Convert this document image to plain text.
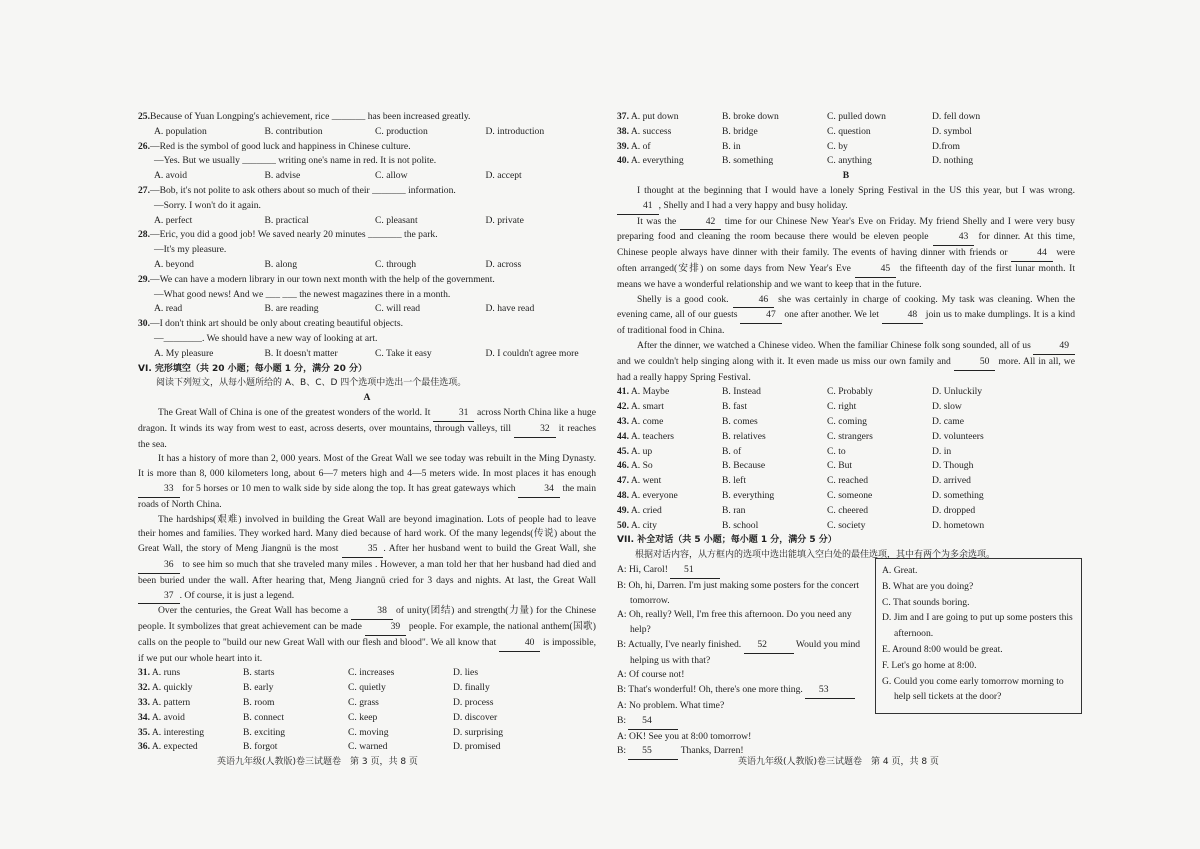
25.Because of Yuan Longping's achievement, rice _______ has been increased greatly.
A. population	B. contribution	C. production	D. introduction
26.—Red is the symbol of good luck and happiness in Chinese culture.
—Yes. But we usually _______ writing one's name in red. It is not polite.
A. avoid	B. advise	C. allow	D. accept
27.—Bob, it's not polite to ask others about so much of their _______ information.
—Sorry. I won't do it again.
A. perfect	B. practical	C. pleasant	D. private
28.—Eric, you did a good job! We saved nearly 20 minutes _______ the park.
—It's my pleasure.
A. beyond	B. along	C. through	D. across
29.—We can have a modern library in our town next month with the help of the government.
—What good news! And we ___ ___ the newest magazines there in a month.
A. read	B. are reading	C. will read	D. have read
30.—I don't think art should be only about creating beautiful objects.
—________. We should have a new way of looking at art.
A. My pleasure	B. It doesn't matter	C. Take it easy	D. I couldn't agree more
VI. 完形填空（共 20 小题；每小题 1 分，满分 20 分）
阅读下列短文，从每小题所给的 A、B、C、D 四个选项中选出一个最佳选项。
A
The Great Wall of China is one of the greatest wonders of the world. It	31 across North China like a huge dragon. It winds its way from west to east, across deserts, over mountains, through valleys, till	32 it reaches the sea.
It has a history of more than 2, 000 years. Most of the Great Wall we see today was rebuilt in the Ming Dynasty. It is more than 8, 000 kilometers long, about 6—7 meters high and 4—5 meters wide. In most places it has enough 33 for 5 horses or 10 men to walk side by side along the top. It has great gateways which	34 the main roads of North China.
The hardships(艰难) involved in building the Great Wall are beyond imagination. Lots of people had to leave their homes and families. They worked hard. Many died because of hard work. Of the many legends(传说) about the Great Wall, the story of Meng Jiangnü is the most	35 . After her husband went to build the Great Wall, she 36 to see him so much that she traveled many miles . However, a man told her that her husband had died and been buried under the wall. After hearing that, Meng Jiangnü cried for 3 days and nights. At last, the Great Wall 37 . Of course, it is just a legend.
Over the centuries, the Great Wall has become a	38 of unity(团结) and strength(力量) for the Chinese people. It symbolizes that great achievement can be made	39 people. For example, the national anthem(国歌) calls on the people to "build our new Great Wall with our flesh and blood". We all know that	40 is impossible, if we put our whole heart into it.
31. A. runs	B. starts	C. increases	D. lies
32. A. quickly	B. early	C. quietly	D. finally
33. A. pattern	B. room	C. grass	D. process
34. A. avoid	B. connect	C. keep	D. discover
35. A. interesting	B. exciting	C. moving	D. surprising
36. A. expected	B. forgot	C. warned	D. promised
英语九年级(人教版)卷三试题卷　第 3 页，共 8 页
37. A. put down	B. broke down	C. pulled down	D. fell down
38. A. success	B. bridge	C. question	D. symbol
39. A. of	B. in	C. by	D.from
40. A. everything	B. something	C. anything	D. nothing
B
I thought at the beginning that I would have a lonely Spring Festival in the US this year, but I was wrong. 41 , Shelly and I had a very happy and busy holiday.
It was the	42 time for our Chinese New Year's Eve on Friday. My friend Shelly and I were very busy preparing food and cleaning the room because there would be eleven people	43 for dinner. At this time, Chinese people always have dinner with their family. The events of having dinner with friends or	44 were often arranged(安排) on some days from New Year's Eve	45 the fifteenth day of the first lunar month. It means we have a wonderful relationship and we want to keep that in the future.
Shelly is a good cook.	46 she was certainly in charge of cooking. My task was cleaning. When the evening came, all of our guests	47 one after another. We let	48 join us to make dumplings. It is a kind of traditional food in China.
After the dinner, we watched a Chinese video. When the familiar Chinese folk song sounded, all of us	49 and we couldn't help singing along with it. It even made us miss our own family and	50 more. All in all, we had a really happy Spring Festival.
41. A. Maybe	B. Instead	C. Probably	D. Unluckily
42. A. smart	B. fast	C. right	D. slow
43. A. come	B. comes	C. coming	D. came
44. A. teachers	B. relatives	C. strangers	D. volunteers
45. A. up	B. of	C. to	D. in
46. A. So	B. Because	C. But	D. Though
47. A. went	B. left	C. reached	D. arrived
48. A. everyone	B. everything	C. someone	D. something
49. A. cried	B. ran	C. cheered	D. dropped
50. A. city	B. school	C. society	D. hometown
VII. 补全对话（共 5 小题；每小题 1 分，满分 5 分）
根据对话内容，从方框内的选项中选出能填入空白处的最佳选项，其中有两个为多余选项。
A: Hi, Carol! 51
B: Oh, hi, Darren. I'm just making some posters for the concert tomorrow.
A: Oh, really? Well, I'm free this afternoon. Do you need any help?
B: Actually, I've nearly finished. 52	Would you mind helping us with that?
A: Of course not!
B: That's wonderful! Oh, there's one more thing. 53
A: No problem. What time?
B: 54
A: OK! See you at 8:00 tomorrow!
B: 55	Thanks, Darren!
A. Great.
B. What are you doing?
C. That sounds boring.
D. Jim and I are going to put up some posters this afternoon.
E. Around 8:00 would be great.
F. Let's go home at 8:00.
G. Could you come early tomorrow morning to help sell tickets at the door?
英语九年级(人教版)卷三试题卷　第 4 页，共 8 页
